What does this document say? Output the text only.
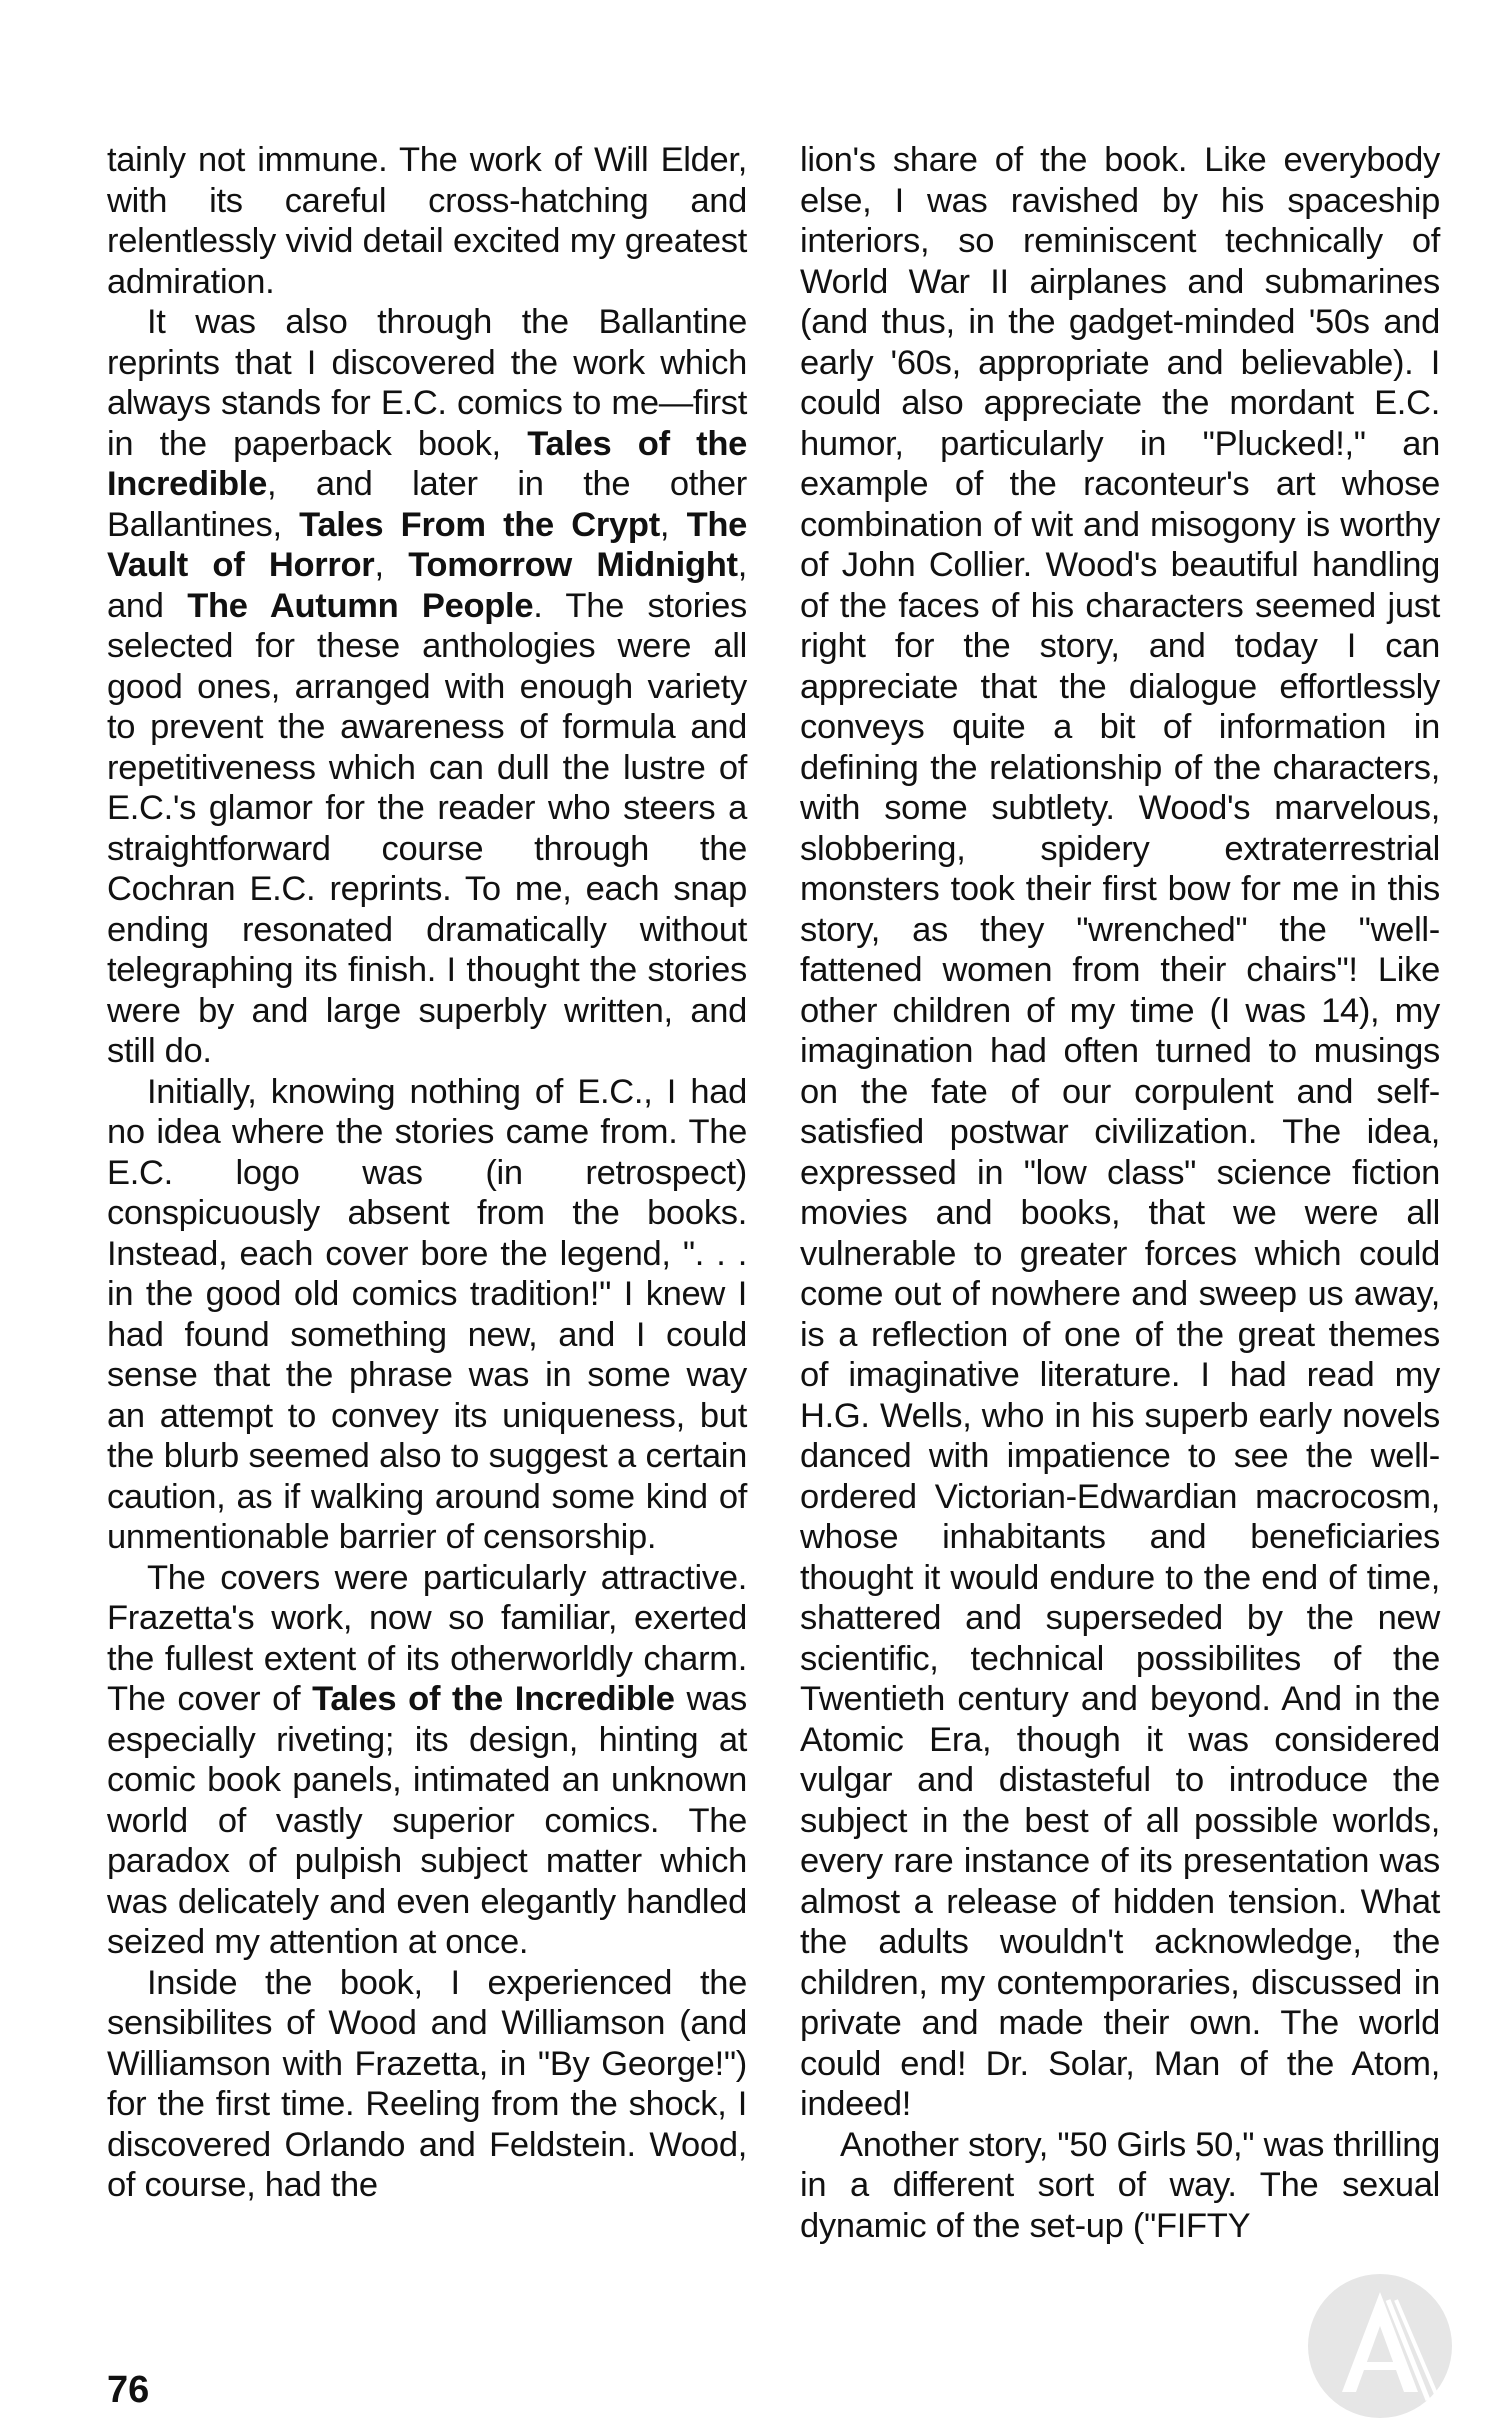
tainly not immune. The work of Will Elder, with its careful cross-hatching and relentlessly vivid detail excited my greatest admiration.

It was also through the Ballantine reprints that I discovered the work which always stands for E.C. comics to me—first in the paperback book, Tales of the Incredible, and later in the other Ballantines, Tales From the Crypt, The Vault of Horror, Tomorrow Midnight, and The Autumn People. The stories selected for these anthologies were all good ones, arranged with enough variety to prevent the awareness of formula and repetitiveness which can dull the lustre of E.C.'s glamor for the reader who steers a straightforward course through the Cochran E.C. reprints. To me, each snap ending resonated dramatically without telegraphing its finish. I thought the stories were by and large superbly written, and still do.

Initially, knowing nothing of E.C., I had no idea where the stories came from. The E.C. logo was (in retrospect) conspicuously absent from the books. Instead, each cover bore the legend, ". . . in the good old comics tradition!" I knew I had found something new, and I could sense that the phrase was in some way an attempt to convey its uniqueness, but the blurb seemed also to suggest a certain caution, as if walking around some kind of unmentionable barrier of censorship.

The covers were particularly attractive. Frazetta's work, now so familiar, exerted the fullest extent of its otherworldly charm. The cover of Tales of the Incredible was especially riveting; its design, hinting at comic book panels, intimated an unknown world of vastly superior comics. The paradox of pulpish subject matter which was delicately and even elegantly handled seized my attention at once.

Inside the book, I experienced the sensibilites of Wood and Williamson (and Williamson with Frazetta, in "By George!") for the first time. Reeling from the shock, I discovered Orlando and Feldstein. Wood, of course, had the

lion's share of the book. Like everybody else, I was ravished by his spaceship interiors, so reminiscent technically of World War II airplanes and submarines (and thus, in the gadget-minded '50s and early '60s, appropriate and believable). I could also appreciate the mordant E.C. humor, particularly in "Plucked!," an example of the raconteur's art whose combination of wit and misogony is worthy of John Collier. Wood's beautiful handling of the faces of his characters seemed just right for the story, and today I can appreciate that the dialogue effortlessly conveys quite a bit of information in defining the relationship of the characters, with some subtlety. Wood's marvelous, slobbering, spidery extraterrestrial monsters took their first bow for me in this story, as they "wrenched" the "well-fattened women from their chairs"! Like other children of my time (I was 14), my imagination had often turned to musings on the fate of our corpulent and self-satisfied postwar civilization. The idea, expressed in "low class" science fiction movies and books, that we were all vulnerable to greater forces which could come out of nowhere and sweep us away, is a reflection of one of the great themes of imaginative literature. I had read my H.G. Wells, who in his superb early novels danced with impatience to see the well-ordered Victorian-Edwardian macrocosm, whose inhabitants and beneficiaries thought it would endure to the end of time, shattered and superseded by the new scientific, technical possibilites of the Twentieth century and beyond. And in the Atomic Era, though it was considered vulgar and distasteful to introduce the subject in the best of all possible worlds, every rare instance of its presentation was almost a release of hidden tension. What the adults wouldn't acknowledge, the children, my contemporaries, discussed in private and made their own. The world could end! Dr. Solar, Man of the Atom, indeed!

Another story, "50 Girls 50," was thrilling in a different sort of way. The sexual dynamic of the set-up ("FIFTY

76
